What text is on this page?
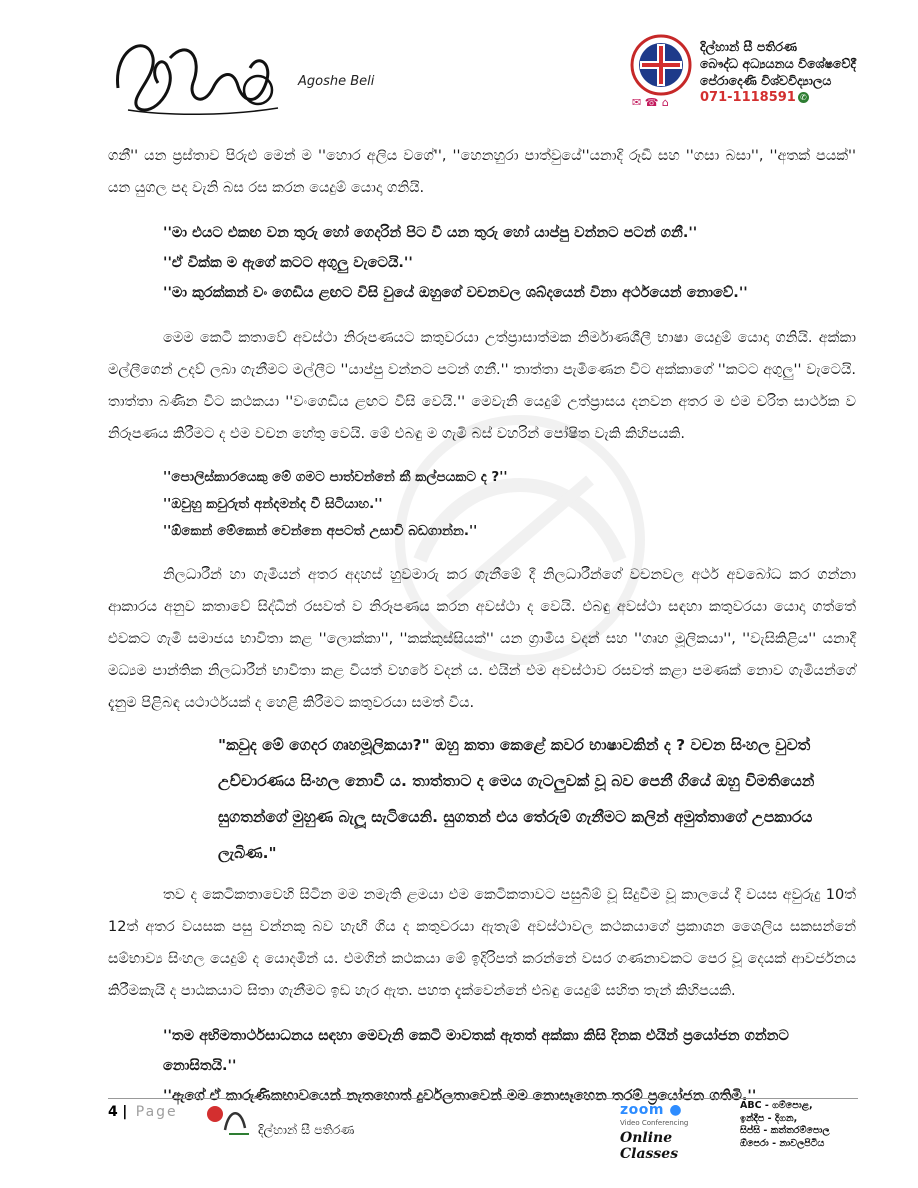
Agoshe Beli
✉ ☎ ⌂
දිල්හාන් සී පතිරණ
බෞද්ධ අධ්‍යයනය විශේෂවේදී
පේරාදෙණි විශ්වවිද්‍යාලය
071-1118591 ✆

ගනී'' යන ප්‍රස්තාව පිරුළු මෙන් ම ''හොර අලිය වගේ'', ''හෙනහුරා පාත්වුයේ''යනාදි රූඩී සහ ''ගසා බසා'', ''අතක් පයක්'' යන යුගල පද වැනි බස රස කරන යෙදුම් යොදා ගනියි.

''මා එයට එකඟ වන තුරු හෝ ගෙදරින් පිට වී යන තුරු හෝ යාප්පු වන්නට පටන් ගනී.''

''ඒ වික්ක ම ඇගේ කටට අගුලු වැටෙයි.''

''මා කුරක්කන් වං ගෙඩිය ළඟට විසි වුයේ ඔහුගේ වචනවල ශබ්දයෙන් විනා අර්ථයෙන් නොවේ.''

මෙම කෙටි කතාවේ අවස්ථා නිරූපණයට කතුවරයා උත්ප්‍රාසාත්මක නිර්මාණශීලී භාෂා යෙදුම් යොදා ගනියි. අක්කා මල්ලීගෙන් උදව් ලබා ගැනීමට මල්ලීට ''යාප්පු වන්නට පටන් ගනී.'' තාත්තා පැමිණෙන විට අක්කාගේ ''කටට අගුලු'' වැටෙයි. තාත්තා බණින විට කථකයා ''වංගෙඩිය ළඟට විසි වෙයි.'' මෙවැනි යෙදුම් උත්ප්‍රාසය දනවන අතර ම එම චරිත සාර්ථක ව නිරූපණය කිරීමට ද එම වචන හේතු වෙයි. මේ එබඳු ම ගැමි බස් වහරින් පෝෂිත වැකි කිහිපයකි.

''පොලිස්කාරයෙකු මේ ගමට පාත්වන්නේ කී කල්පයකට ද ?''

''ඔවුහු කවුරුත් අන්දමන්ද වී සිටියාහ.''

''ඕකෙන් මේකෙන් වෙන්නෙ අපටත් උසාවි බඩගාන්න.''

නිලධාරීන් හා ගැමියන් අතර අදහස් හුවමාරු කර ගැනීමේ දී නිලධාරීන්ගේ වචනවල අර්ථ අවබෝධ කර ගන්නා ආකාරය අනුව කතාවේ සිද්ධීන් රසවත් ව නිරූපණය කරන අවස්ථා ද වෙයි. එබඳු අවස්ථා සඳහා කතුවරයා යොදා ගත්තේ එවකට ගැමි සමාජය භාවිතා කළ ''ලොක්කා'', ''කක්කුස්සියක්'' යන ග්‍රාමීය වදන් සහ ''ගෘහ මූලිකයා'', ''වැසිකිළිය'' යනාදී මධ්‍යම පාන්තික නිලධාරීන් භාවිතා කළ වියත් වහරේ වදන් ය. එයින් එම අවස්ථාව රසවත් කළා පමණක් නොව ගැමියන්ගේ දැනුම පිළිබඳ යථාර්ථයක් ද හෙළි කිරීමට කතුවරයා සමත් විය.

"කවුද මේ ගෙදර ගෘහමූලිකයා?" ඔහු කතා කෙළේ කවර භාෂාවකින් ද ? වචන සිංහල වුවත් උච්චාරණය සිංහල නොවී ය. තාත්තාට ද මෙය ගැටලුවක් වූ බව පෙනී ගියේ ඔහු විමතියෙන් සුගතන්ගේ මුහුණ බැලූ සැටියෙනි. සුගතන් එය තේරුම් ගැනීමට කලින් අමුත්තාගේ උපකාරය ලැබිණ."

තව ද කෙටිකතාවෙහි සිටින මම නමැති ළමයා එම කෙටිකතාවට පසුබිම් වූ සිදුවීම වූ කාලයේ දී වයස අවුරුදු 10ත් 12ත් අතර වයසක පසු වන්නකු බව හැඟී ගිය ද කතුවරයා ඇතැම් අවස්ථාවල කථකයාගේ ප්‍රකාශන ශෛලිය සකසන්නේ සම්භාව්‍ය සිංහල යෙදුම් ද යොදමින් ය. එමගින් කථකයා මේ ඉදිරිපත් කරන්නේ වසර ගණනාවකට පෙර වූ දෙයක් ආවර්ජනය කිරීමකැයි ද පාඨකයාට සිතා ගැනීමට ඉඩ හැර ඇත. පහත දැක්වෙන්නේ එබඳු යෙදුම් සහිත තැන් කිහිපයකි.

''තම අභිමතාර්ථසාධනය සඳහා මෙවැනි කෙටි මාවතක් ඇතත් අක්කා කිසි දිනක එයින් ප්‍රයෝජන ගන්නට නොසිතයි.''

''ඇගේ ඒ කාරුණිකභාවයෙන් නැතහොත් දුර්වලතාවෙන් මම නොසෑහෙන තරම් ප්‍රයෝජන ගතිමි.''

4 | Page
දිල්හාන් සී පතිරණ
zoom ●
Video Conferencing
Online Classes
ABC - ගම්පොළ,
ඉන්දීප - දිගන,
සිප්සි - කත්තරම්පොල
ඕපෙරා - නාවලපිටිය
